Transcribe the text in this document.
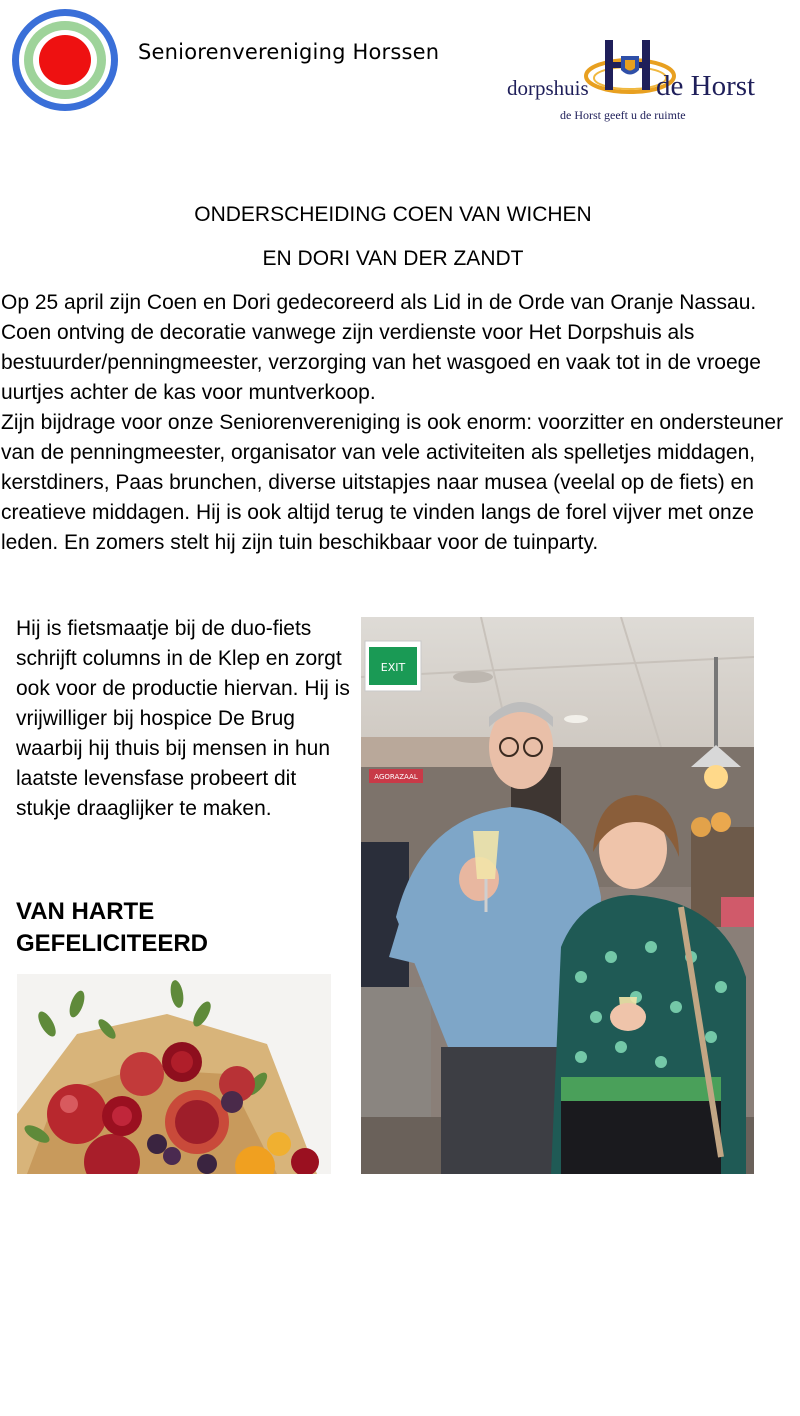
Seniorenvereniging Horssen
dorpshuis de Horst
de Horst geeft u de ruimte
ONDERSCHEIDING COEN VAN WICHEN
EN DORI VAN DER ZANDT
Op 25 april zijn Coen en Dori gedecoreerd als Lid in de Orde van Oranje Nassau. Coen ontving de decoratie vanwege zijn verdienste voor Het Dorpshuis als bestuurder/penningmeester, verzorging van het wasgoed en vaak tot in de vroege uurtjes achter de kas voor muntverkoop.
Zijn bijdrage voor onze Seniorenvereniging is ook enorm: voorzitter en ondersteuner van de penningmeester, organisator van vele activiteiten als spelletjes middagen, kerstdiners, Paas brunchen, diverse uitstapjes naar musea (veelal op de fiets) en creatieve middagen. Hij is ook altijd terug te vinden langs de forel vijver met onze leden. En zomers stelt hij zijn tuin beschikbaar voor de tuinparty.
Hij is fietsmaatje bij de duo-fiets schrijft columns in de Klep en zorgt ook voor de productie hiervan. Hij is vrijwilliger bij hospice De Brug waarbij hij thuis bij mensen in hun laatste levensfase probeert dit stukje draaglijker te maken.
VAN HARTE GEFELICITEERD
EXIT
AGORAZAAL
